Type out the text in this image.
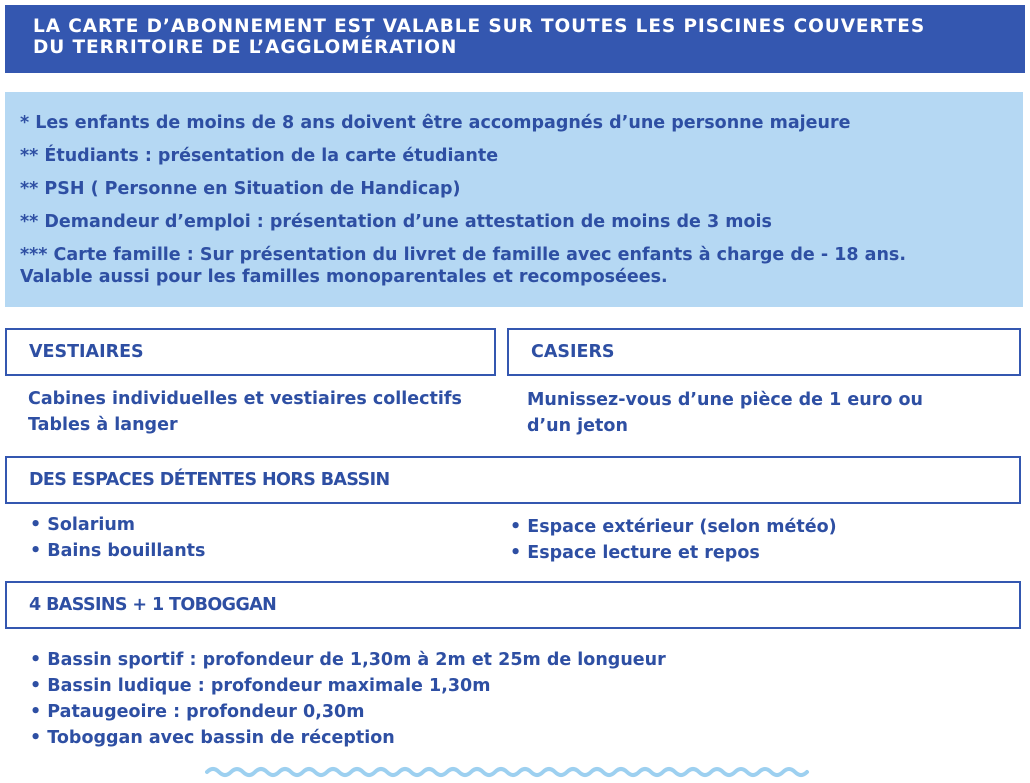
LA CARTE D’ABONNEMENT EST VALABLE SUR TOUTES LES PISCINES COUVERTES
DU TERRITOIRE DE L’AGGLOMÉRATION
* Les enfants de moins de 8 ans doivent être accompagnés d’une personne majeure
** Étudiants : présentation de la carte étudiante
** PSH ( Personne en Situation de Handicap)
** Demandeur d’emploi : présentation d’une attestation de moins de 3 mois
*** Carte famille : Sur présentation du livret de famille avec enfants à charge de - 18 ans.
Valable aussi pour les familles monoparentales et recomposéees.
VESTIAIRES	CASIERS
Cabines individuelles et vestiaires collectifs
Tables à langer
Munissez-vous d’une pièce de 1 euro ou
d’un jeton
DES ESPACES DÉTENTES HORS BASSIN
• Solarium
• Bains bouillants
• Espace extérieur (selon météo)
• Espace lecture et repos
4 BASSINS + 1 TOBOGGAN
• Bassin sportif : profondeur de 1,30m à 2m et 25m de longueur
• Bassin ludique : profondeur maximale 1,30m
• Pataugeoire : profondeur 0,30m
• Toboggan avec bassin de réception
